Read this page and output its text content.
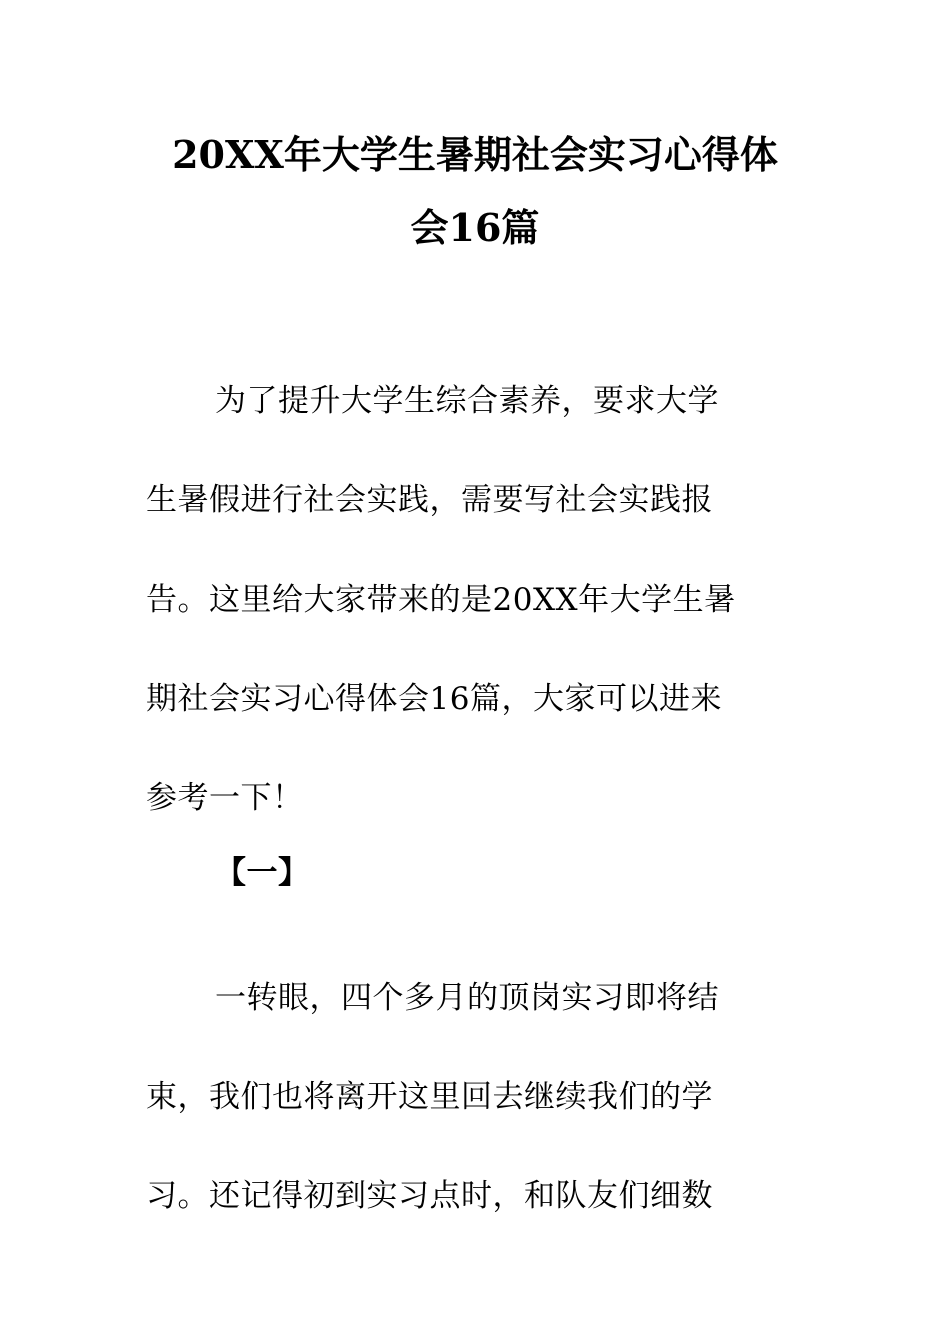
20XX年大学生暑期社会实习心得体
会16篇
为了提升大学生综合素养，要求大学
生暑假进行社会实践，需要写社会实践报
告。这里给大家带来的是20XX年大学生暑
期社会实习心得体会16篇，大家可以进来
参考一下！
【一】
一转眼，四个多月的顶岗实习即将结
束，我们也将离开这里回去继续我们的学
习。还记得初到实习点时，和队友们细数
